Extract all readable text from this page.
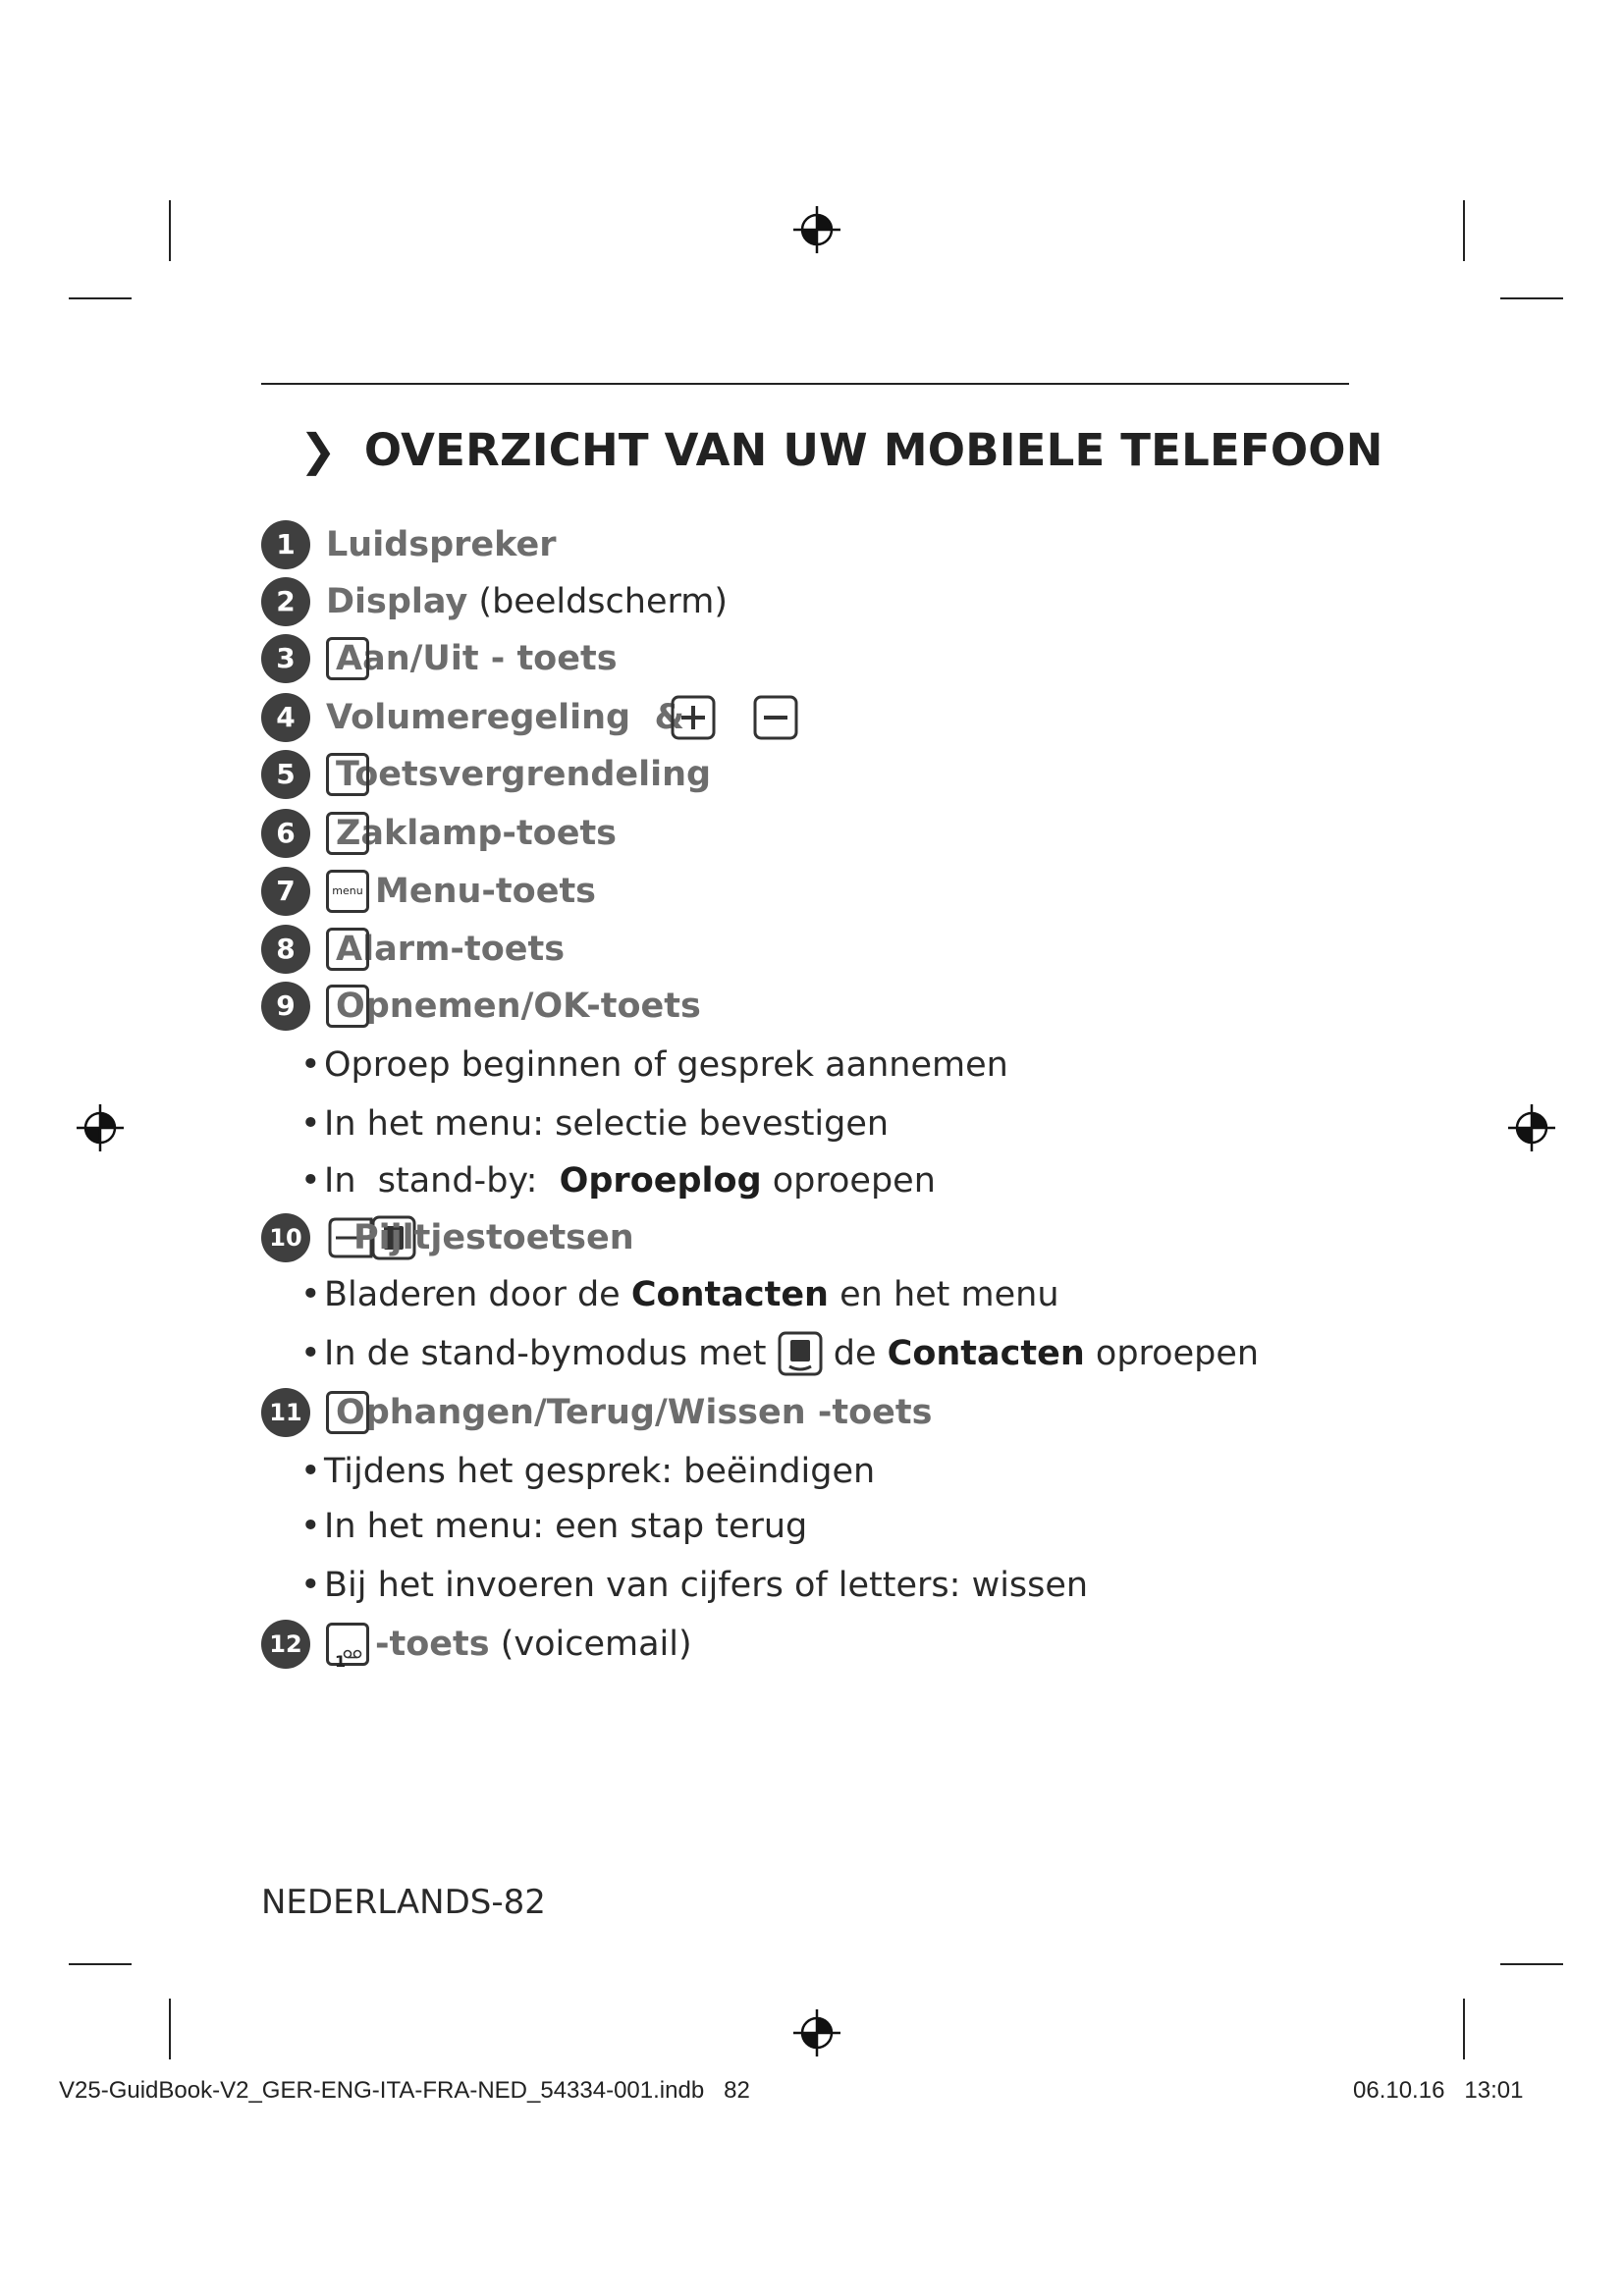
❯ OVERZICHT VAN UW MOBIELE TELEFOON
1 Luidspreker
2 Display (beeldscherm)
3	Aan/Uit - toets
4 Volumeregeling  &
5	Toetsvergrendeling
6	Zaklamp-toets
7	menu Menu-toets
8	Alarm-toets
9	Opnemen/OK-toets
•Oproep beginnen of gesprek aannemen
•In het menu: selectie bevestigen
•In  stand-by:  Oproeplog oproepen
10 Pijltjestoetsen
•Bladeren door de Contacten en het menu
• In de stand-bymodus met de Contacten oproepen
11 Ophangen/Terug/Wissen -toets
•Tijdens het gesprek: beëindigen
•In het menu: een stap terug
•Bij het invoeren van cijfers of letters: wissen
12
1 -toets (voicemail)
NEDERLANDS-82
V25-GuidBook-V2_GER-ENG-ITA-FRA-NED_54334-001.indb   82	06.10.16   13:01
